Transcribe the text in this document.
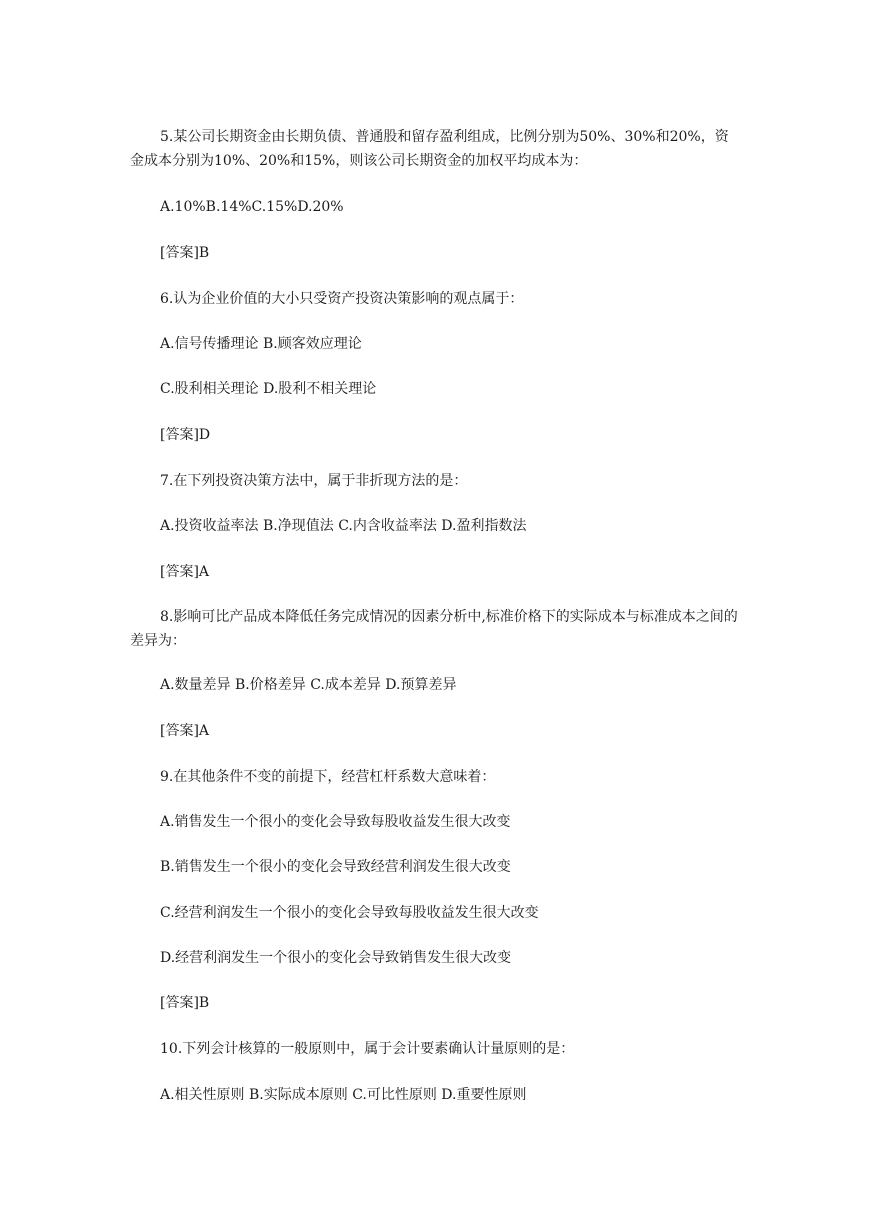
5.某公司长期资金由长期负债、普通股和留存盈利组成，比例分别为50%、30%和20%，资金成本分别为10%、20%和15%，则该公司长期资金的加权平均成本为：

A.10%B.14%C.15%D.20%

[答案]B

6.认为企业价值的大小只受资产投资决策影响的观点属于：

A.信号传播理论 B.顾客效应理论

C.股利相关理论 D.股利不相关理论

[答案]D

7.在下列投资决策方法中，属于非折现方法的是：

A.投资收益率法 B.净现值法 C.内含收益率法 D.盈利指数法

[答案]A

8.影响可比产品成本降低任务完成情况的因素分析中,标准价格下的实际成本与标准成本之间的差异为：

A.数量差异 B.价格差异 C.成本差异 D.预算差异

[答案]A

9.在其他条件不变的前提下，经营杠杆系数大意味着：

A.销售发生一个很小的变化会导致每股收益发生很大改变

B.销售发生一个很小的变化会导致经营利润发生很大改变

C.经营利润发生一个很小的变化会导致每股收益发生很大改变

D.经营利润发生一个很小的变化会导致销售发生很大改变

[答案]B

10.下列会计核算的一般原则中，属于会计要素确认计量原则的是：

A.相关性原则 B.实际成本原则 C.可比性原则 D.重要性原则
